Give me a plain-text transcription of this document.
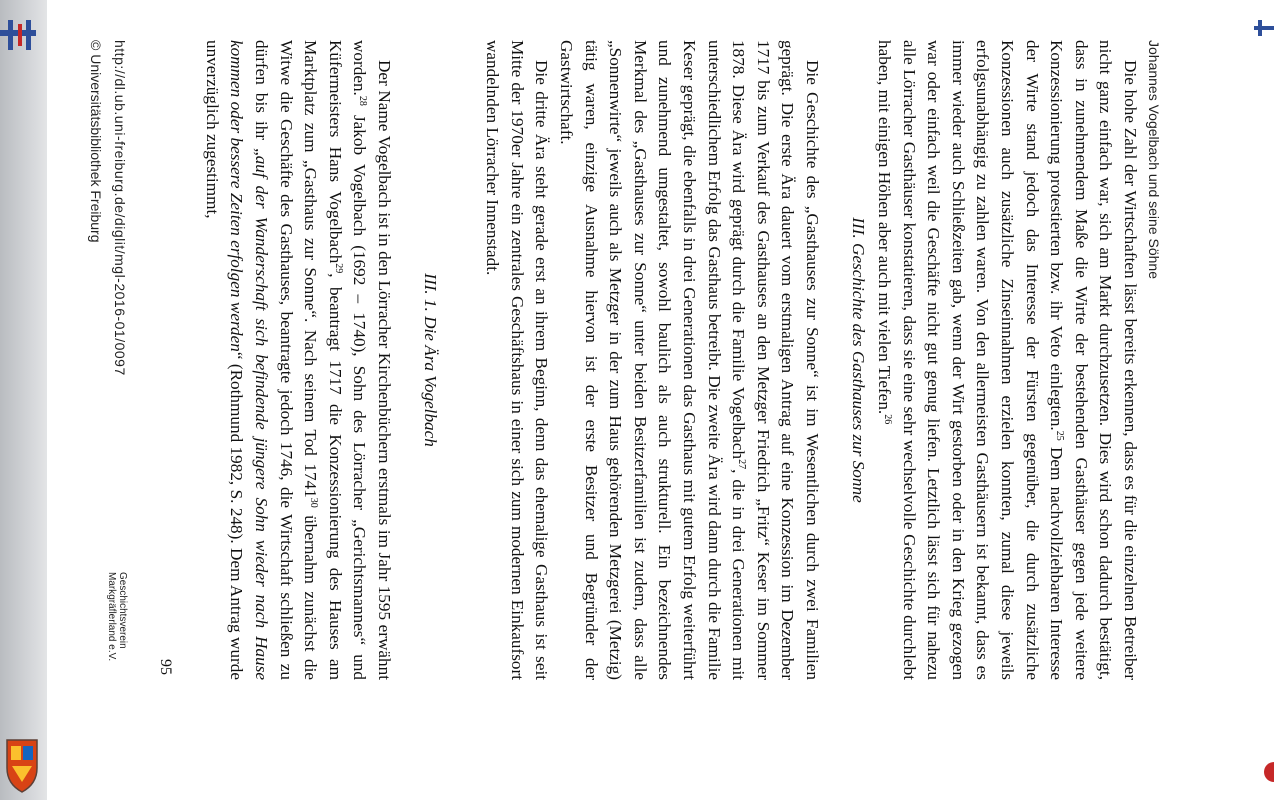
Johannes Vogelbach und seine Söhne

Die hohe Zahl der Wirtschaften lässt bereits erkennen, dass es für die einzelnen Betreiber nicht ganz einfach war, sich am Markt durchzusetzen. Dies wird schon dadurch bestätigt, dass in zunehmendem Maße die Wirte der bestehenden Gasthäuser gegen jede weitere Konzessionierung protestierten bzw. ihr Veto einlegten.$^{25}$ Dem nachvollziehbaren Interesse der Wirte stand jedoch das Interesse der Fürsten gegenüber, die durch zusätzliche Konzessionen auch zusätzliche Zinseinnahmen erzielen konnten, zumal diese jeweils erfolgsunabhängig zu zahlen waren. Von den allermeisten Gasthäusern ist bekannt, dass es immer wieder auch Schließzeiten gab, wenn der Wirt gestorben oder in den Krieg gezogen war oder einfach weil die Geschäfte nicht gut genug liefen. Letztlich lässt sich für nahezu alle Lörracher Gasthäuser konstatieren, dass sie eine sehr wechselvolle Geschichte durchlebt haben, mit einigen Höhen aber auch mit vielen Tiefen.$^{26}$

III. Geschichte des Gasthauses zur Sonne

Die Geschichte des „Gasthauses zur Sonne“ ist im Wesentlichen durch zwei Familien geprägt. Die erste Ära dauert vom erstmaligen Antrag auf eine Konzession im Dezember 1717 bis zum Verkauf des Gasthauses an den Metzger Friedrich „Fritz“ Keser im Sommer 1878. Diese Ära wird geprägt durch die Familie Vogelbach$^{27}$, die in drei Generationen mit unterschiedlichem Erfolg das Gasthaus betreibt. Die zweite Ära wird dann durch die Familie Keser geprägt, die ebenfalls in drei Generationen das Gasthaus mit gutem Erfolg weiterführt und zunehmend umgestaltet, sowohl baulich als auch strukturell. Ein bezeichnendes Merkmal des „Gasthauses zur Sonne“ unter beiden Besitzerfamilien ist zudem, dass alle „Sonnenwirte“ jeweils auch als Metzger in der zum Haus gehörenden Metzgerei (Metzig) tätig waren, einzige Ausnahme hiervon ist der erste Besitzer und Begründer der Gastwirtschaft.

Die dritte Ära steht gerade erst an ihrem Beginn, denn das ehemalige Gasthaus ist seit Mitte der 1970er Jahre ein zentrales Geschäftshaus in einer sich zum modernen Einkaufsort wandelnden Lörracher Innenstadt.

III. 1. Die Ära Vogelbach

Der Name Vogelbach ist in den Lörracher Kirchenbüchern erstmals im Jahr 1595 erwähnt worden.$^{28}$ Jakob Vogelbach (1692 – 1740), Sohn des Lörracher „Gerichtsmannes“ und Küfermeisters Hans Vogelbach$^{29}$, beantragt 1717 die Konzessionierung des Hauses am Marktplatz zum „Gasthaus zur Sonne“. Nach seinem Tod 1741$^{30}$ übernahm zunächst die Witwe die Geschäfte des Gasthauses, beantragte jedoch 1746, die Wirtschaft schließen zu dürfen bis ihr „auf der Wanderschaft sich befindende jüngere Sohn wieder nach Hause kommen oder bessere Zeiten erfolgen werden“ (Rothmund 1982, S. 248). Dem Antrag wurde unverzüglich zugestimmt,

95
http://dl.ub.uni-freiburg.de/diglit/mgl-2016-01/0097
© Universitätsbibliothek Freiburg
Geschichtsverein
Markgräflerland e.V.
